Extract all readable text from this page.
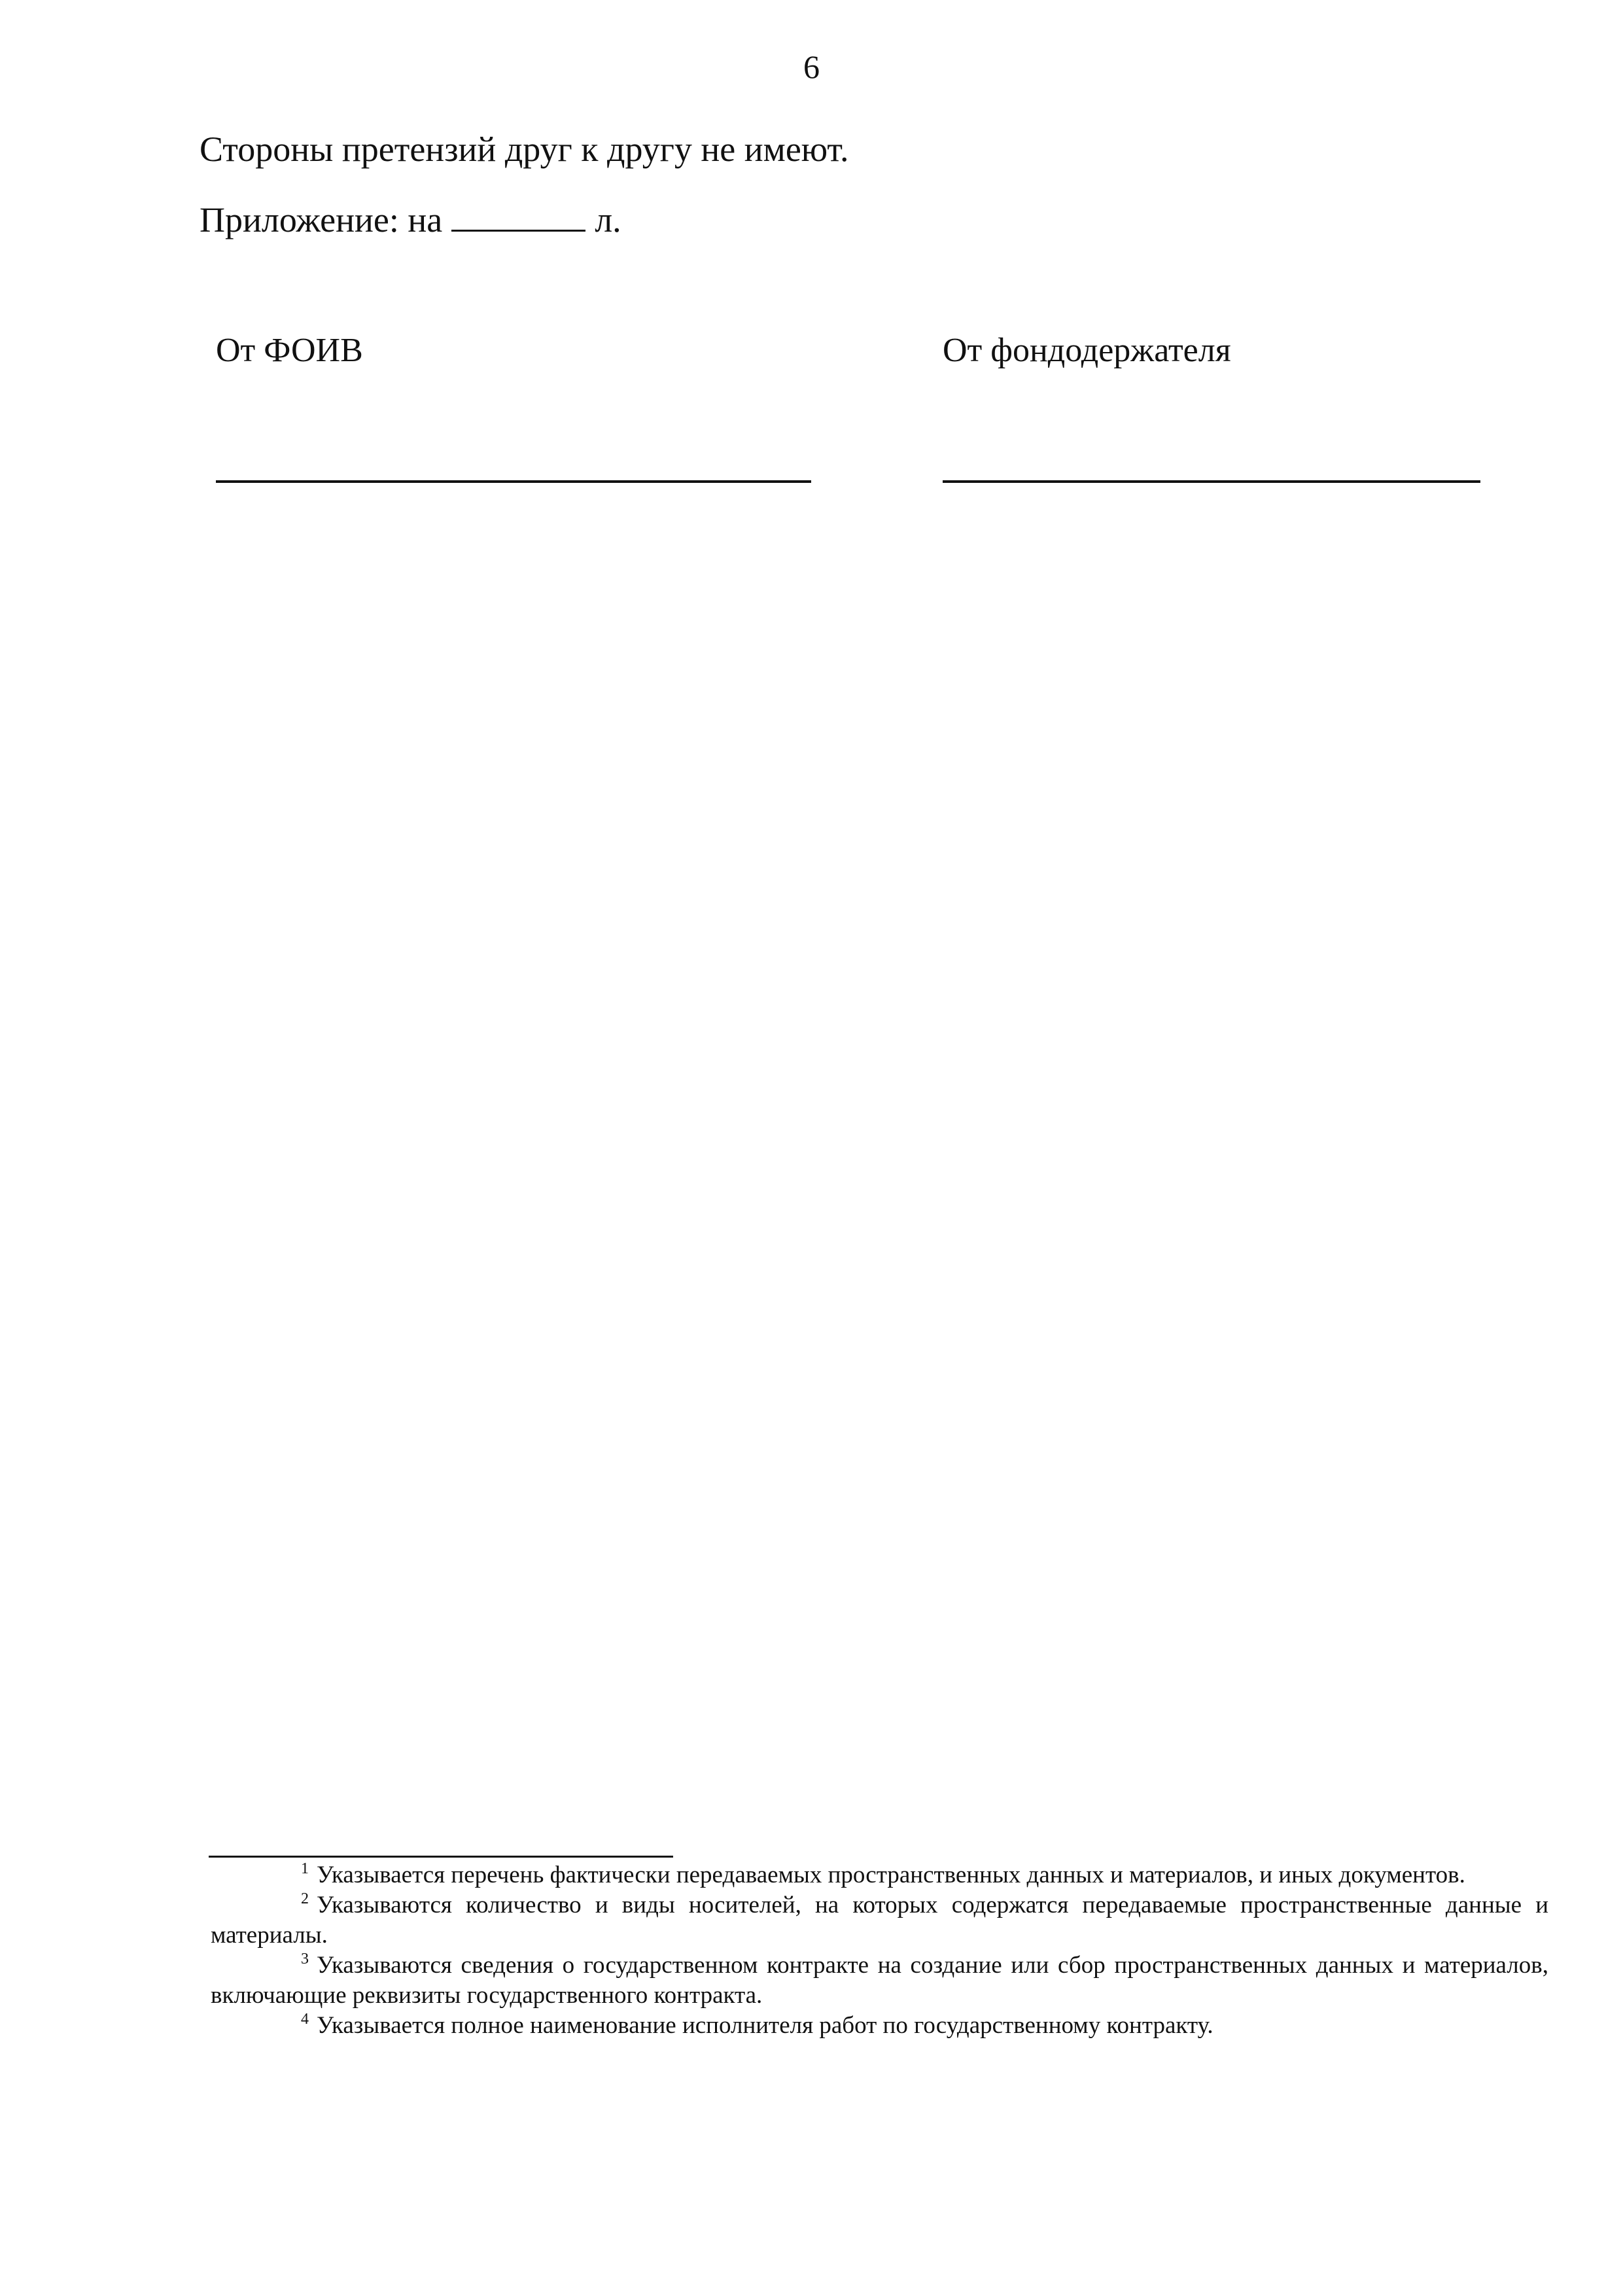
6
Стороны претензий друг к другу не имеют.
Приложение: на	л.
От ФОИВ	От фондодержателя

$^1$ Указывается перечень фактически передаваемых пространственных данных и материалов, и иных документов.

$^2$ Указываются количество и виды носителей, на которых содержатся передаваемые пространственные данные и материалы.

$^3$ Указываются сведения о государственном контракте на создание или сбор пространственных данных и материалов, включающие реквизиты государственного контракта.

$^4$ Указывается полное наименование исполнителя работ по государственному контракту.
